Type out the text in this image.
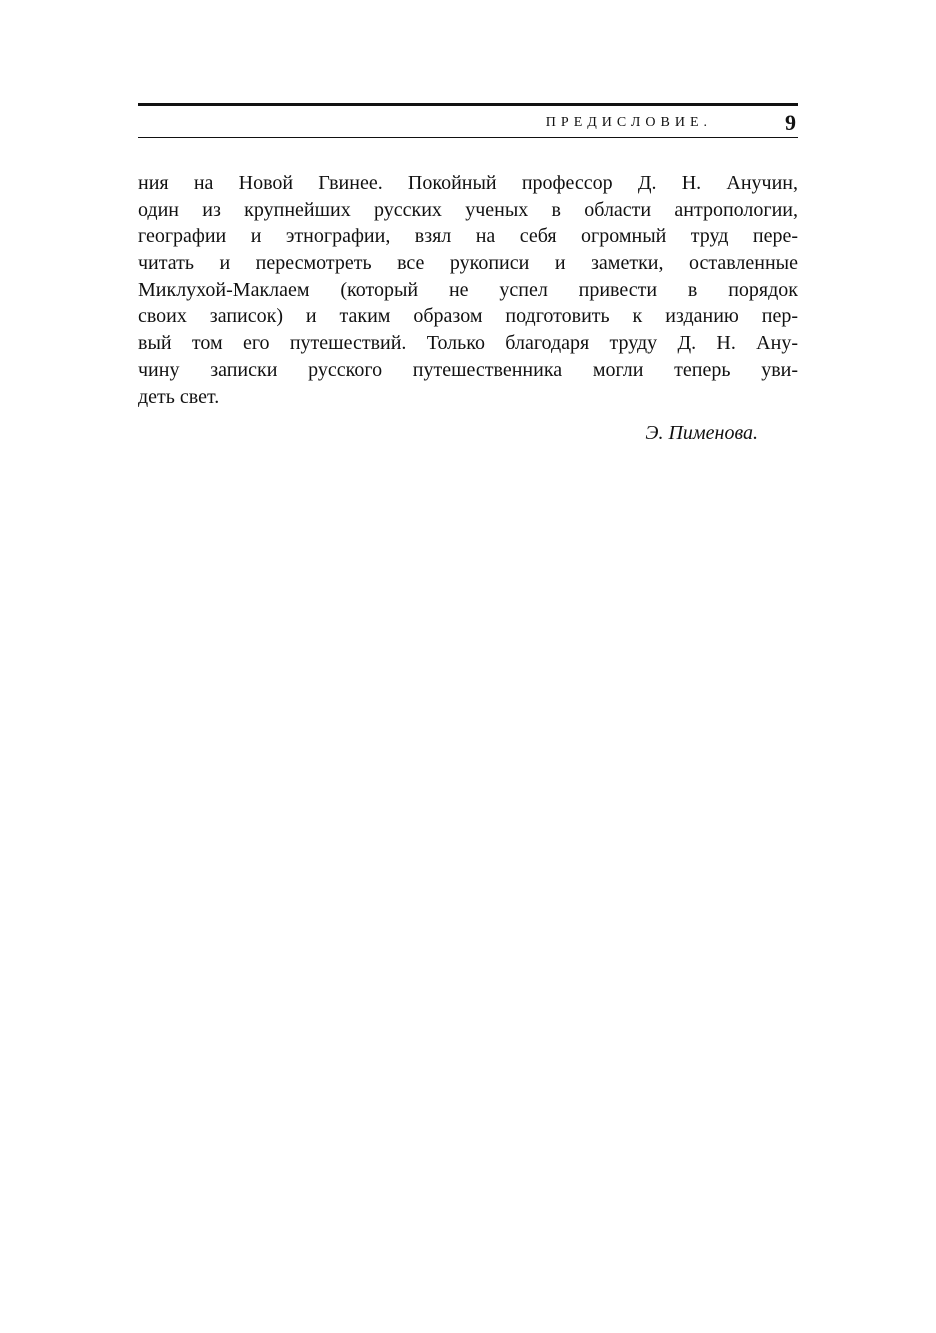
ПРЕДИСЛОВИЕ.	9
ния на Новой Гвинее. Покойный профессор Д. Н. Анучин,
один из крупнейших русских ученых в области антропологии,
географии и этнографии, взял на себя огромный труд пере-
читать и пересмотреть все рукописи и заметки, оставленные
Миклухой-Маклаем (который не успел привести в порядок
своих записок) и таким образом подготовить к изданию пер-
вый том его путешествий. Только благодаря труду Д. Н. Ану-
чину записки русского путешественника могли теперь уви-
деть свет.
Э. Пименова.
